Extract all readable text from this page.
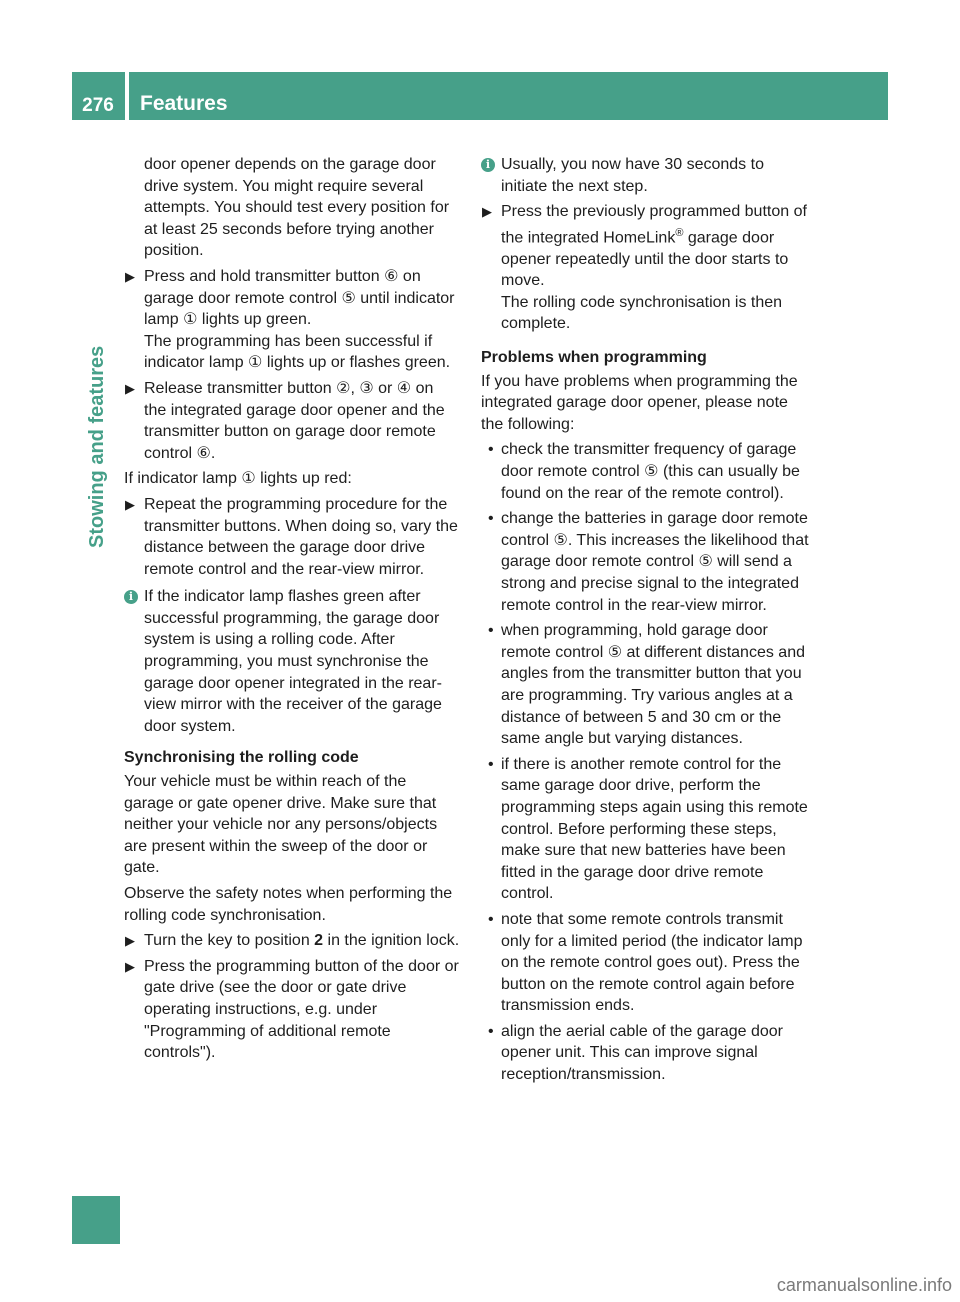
276	Features
Stowing and features

door opener depends on the garage door drive system. You might require several attempts. You should test every position for at least 25 seconds before trying another position.

▶ Press and hold transmitter button ⑥ on garage door remote control ⑤ until indicator lamp ① lights up green.

The programming has been successful if indicator lamp ① lights up or flashes green.

▶ Release transmitter button ②, ③ or ④ on the integrated garage door opener and the transmitter button on garage door remote control ⑥.

If indicator lamp ① lights up red:

▶ Repeat the programming procedure for the transmitter buttons. When doing so, vary the distance between the garage door drive remote control and the rear-view mirror.

i If the indicator lamp flashes green after successful programming, the garage door system is using a rolling code. After programming, you must synchronise the garage door opener integrated in the rear-view mirror with the receiver of the garage door system.

Synchronising the rolling code

Your vehicle must be within reach of the garage or gate opener drive. Make sure that neither your vehicle nor any persons/objects are present within the sweep of the door or gate.

Observe the safety notes when performing the rolling code synchronisation.

▶ Turn the key to position 2 in the ignition lock.

▶ Press the programming button of the door or gate drive (see the door or gate drive operating instructions, e.g. under "Programming of additional remote controls").

i Usually, you now have 30 seconds to initiate the next step.

▶ Press the previously programmed button of the integrated HomeLink® garage door opener repeatedly until the door starts to move.

The rolling code synchronisation is then complete.

Problems when programming

If you have problems when programming the integrated garage door opener, please note the following:

• check the transmitter frequency of garage door remote control ⑤ (this can usually be found on the rear of the remote control).

• change the batteries in garage door remote control ⑤. This increases the likelihood that garage door remote control ⑤ will send a strong and precise signal to the integrated remote control in the rear-view mirror.

• when programming, hold garage door remote control ⑤ at different distances and angles from the transmitter button that you are programming. Try various angles at a distance of between 5 and 30 cm or the same angle but varying distances.

• if there is another remote control for the same garage door drive, perform the programming steps again using this remote control. Before performing these steps, make sure that new batteries have been fitted in the garage door drive remote control.

• note that some remote controls transmit only for a limited period (the indicator lamp on the remote control goes out). Press the button on the remote control again before transmission ends.

• align the aerial cable of the garage door opener unit. This can improve signal reception/transmission.

carmanualsonline.info
